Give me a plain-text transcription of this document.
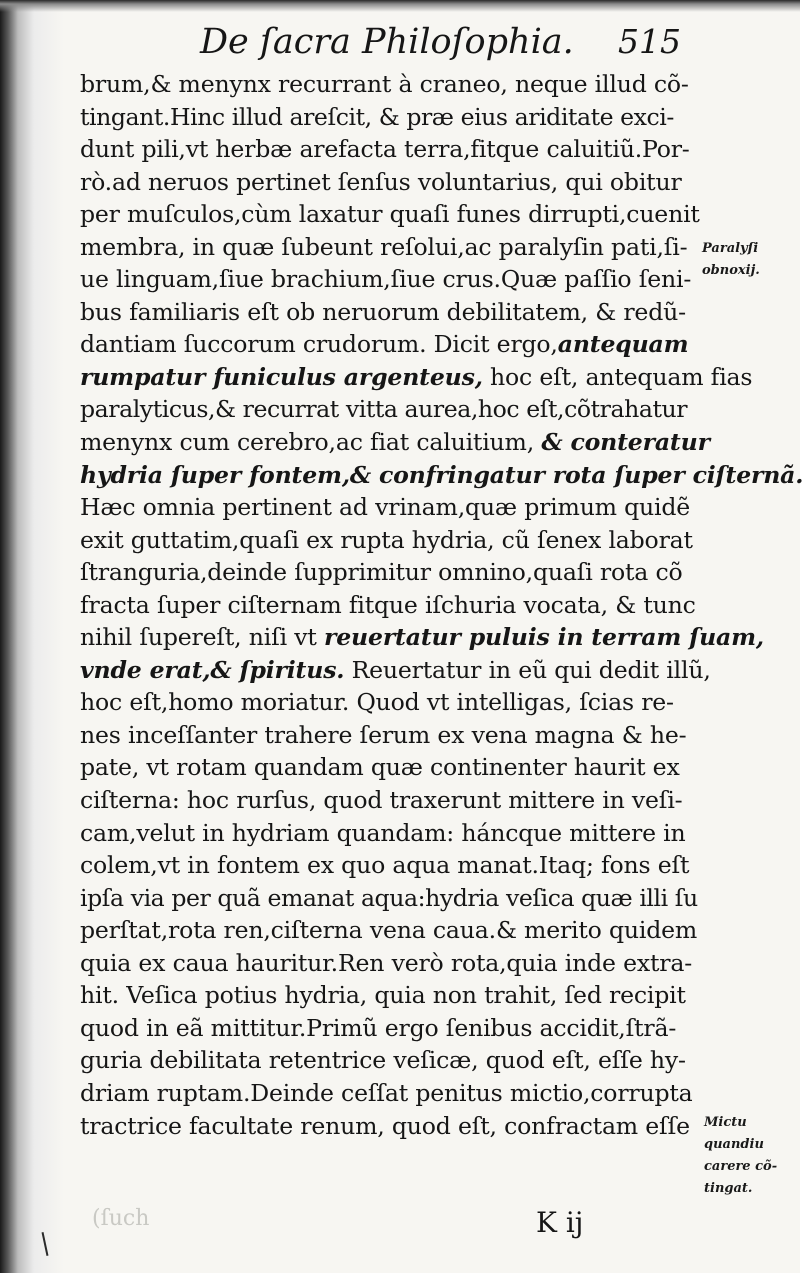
De ſacra Philoſophia. 515
brum,& menynx recurrant à craneo, neque illud cõ-
tingant.Hinc illud areſcit, & præ eius ariditate exci-
dunt pili,vt herbæ arefacta terra,fitque caluitiũ.Por-
rò.ad neruos pertinet ſenſus voluntarius, qui obitur
per muſculos,cùm laxatur quaſi funes dirrupti,cuenit
membra, in quæ ſubeunt reſolui,ac paralyſin pati,ſi-
ue linguam,ſiue brachium,ſiue crus.Quæ paſſio ſeni-
bus familiaris eſt ob neruorum debilitatem, & redũ-
dantiam ſuccorum crudorum. Dicit ergo,antequam
rumpatur funiculus argenteus, hoc eſt, antequam fias
paralyticus,& recurrat vitta aurea,hoc eſt,cõtrahatur
menynx cum cerebro,ac fiat caluitium, & conteratur
hydria ſuper fontem,& confringatur rota ſuper ciſternã.
Hæc omnia pertinent ad vrinam,quæ primum quidẽ
exit guttatim,quaſi ex rupta hydria, cũ ſenex laborat
ſtranguria,deinde ſupprimitur omnino,quaſi rota cõ
fracta ſuper ciſternam fitque iſchuria vocata, & tunc
nihil ſupereſt, niſi vt reuertatur puluis in terram ſuam,
vnde erat,& ſpiritus. Reuertatur in eũ qui dedit illũ,
hoc eſt,homo moriatur. Quod vt intelligas, ſcias re-
nes inceſſanter trahere ſerum ex vena magna & he-
pate, vt rotam quandam quæ continenter haurit ex
ciſterna: hoc rurſus, quod traxerunt mittere in veſi-
cam,velut in hydriam quandam: háncque mittere in
colem,vt in fontem ex quo aqua manat.Itaq; fons eſt
ipſa via per quã emanat aqua:hydria veſica quæ illi ſu
perſtat,rota ren,ciſterna vena caua.& merito quidem
quia ex caua hauritur.Ren verò rota,quia inde extra-
hit. Veſica potius hydria, quia non trahit, ſed recipit
quod in eã mittitur.Primũ ergo ſenibus accidit,ſtrã-
guria debilitata retentrice veſicæ, quod eſt, eſſe hy-
driam ruptam.Deinde ceſſat penitus mictio,corrupta
tractrice facultate renum, quod eſt, confractam eſſe
Paralyſi
obnoxij.
Mictu
quandiu
carere cõ-
tingat.
(ſuch	K ij
